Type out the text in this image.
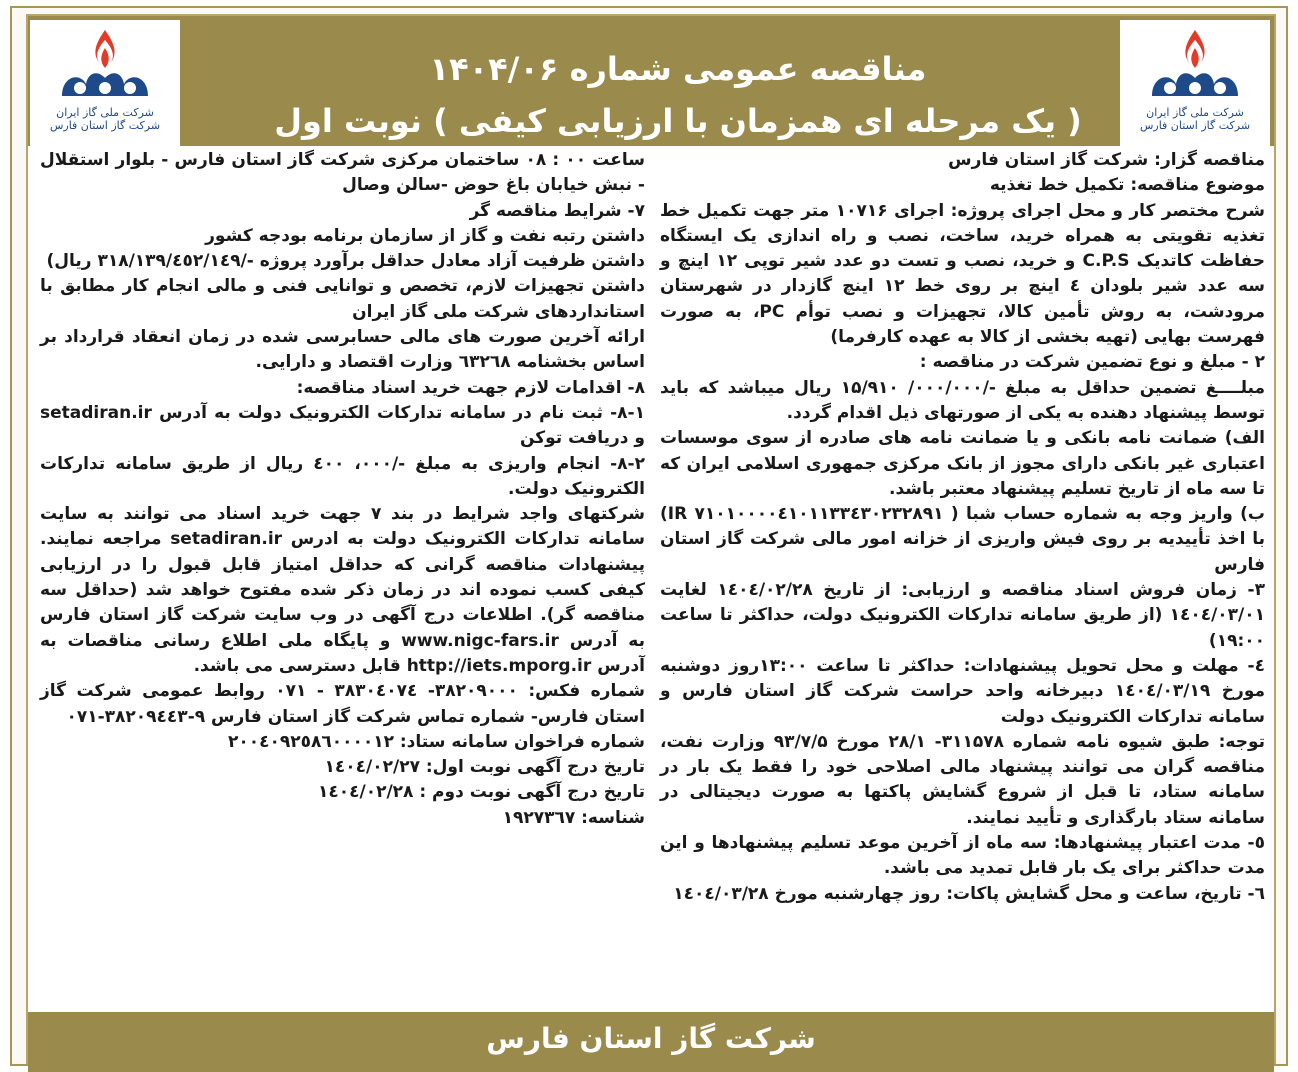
مناقصه عمومی شماره ۱۴۰۴/۰۶
( یک مرحله ای همزمان با ارزیابی کیفی ) نوبت اول
شرکت ملی گاز ایران
شرکت گاز استان فارس
شرکت ملی گاز ایران
شرکت گاز استان فارس

مناقصه گزار: شرکت گاز استان فارس

موضوع مناقصه: تکمیل خط تغذیه

شرح مختصر کار و محل اجرای پروژه: اجرای ۱۰۷۱۶ متر جهت تکمیل خط تغذیه تقویتی به همراه خرید، ساخت، نصب و راه اندازی یک ایستگاه حفاظت کاتدیک C.P.S و خرید، نصب و تست دو عدد شیر توپی ۱۲ اینچ و سه عدد شیر بلودان ٤ اینچ بر روی خط ۱۲ اینچ گازدار در شهرستان مرودشت، به روش تأمین کالا، تجهیزات و نصب توأم PC، به صورت فهرست بهایی (تهیه بخشی از کالا به عهده کارفرما)

٢ - مبلغ و نوع تضمین شرکت در مناقصه :

مبلــــغ تضمین حداقل به مبلغ -/۰۰۰/۰۰۰/ ۱۵/۹۱۰ ریال میباشد که باید توسط پیشنهاد دهنده به یکی از صورتهای ذیل اقدام گردد.

الف) ضمانت نامه بانکی و یا ضمانت نامه های صادره از سوی موسسات اعتباری غیر بانکی دارای مجوز از بانک مرکزی جمهوری اسلامی ایران که تا سه ماه از تاریخ تسلیم پیشنهاد معتبر باشد.

ب) واریز وجه به شماره حساب شبا ( IR ۷۱۰۱۰۰۰۰٤۱۰۱۱۳۳٤۳۰۲۳۲۸۹۱) با اخذ تأییدیه بر روی فیش واریزی از خزانه امور مالی شرکت گاز استان فارس

٣- زمان فروش اسناد مناقصه و ارزیابی: از تاریخ ۱٤۰٤/۰۲/۲۸ لغایت ۱٤۰٤/۰۳/۰۱ (از طریق سامانه تدارکات الکترونیک دولت، حداکثر تا ساعت ۱۹:۰۰)

٤- مهلت و محل تحویل پیشنهادات: حداکثر تا ساعت ۱۳:۰۰روز دوشنبه مورخ ۱٤۰٤/۰۳/۱۹ دبیرخانه واحد حراست شرکت گاز استان فارس و سامانه تدارکات الکترونیک دولت

توجه: طبق شیوه نامه شماره ۳۱۱۵۷۸- ۲۸/۱ مورخ ۹۳/۷/۵ وزارت نفت، مناقصه گران می توانند پیشنهاد مالی اصلاحی خود را فقط یک بار در سامانه ستاد، تا قبل از شروع گشایش پاکتها به صورت دیجیتالی در سامانه ستاد بارگذاری و تأیید نمایند.

٥- مدت اعتبار پیشنهادها: سه ماه از آخرین موعد تسلیم پیشنهادها و این مدت حداکثر برای یک بار قابل تمدید می باشد.

٦- تاریخ، ساعت و محل گشایش پاکات: روز چهارشنبه مورخ ۱٤۰٤/۰۳/۲۸

ساعت ۰۰ : ۰۸ ساختمان مرکزی شرکت گاز استان فارس - بلوار استقلال - نبش خیابان باغ حوض -سالن وصال

٧- شرایط مناقصه گر

داشتن رتبه نفت و گاز از سازمان برنامه بودجه کشور

داشتن ظرفیت آزاد معادل حداقل برآورد پروژه -/۳۱۸/۱۳۹/٤٥۲/۱٤۹ ریال)

داشتن تجهیزات لازم، تخصص و توانایی فنی و مالی انجام کار مطابق با استانداردهای شرکت ملی گاز ایران

ارائه آخرین صورت های مالی حسابرسی شده در زمان انعقاد قرارداد بر اساس بخشنامه ٦٣٢٦٨ وزارت اقتصاد و دارایی.

٨- اقدامات لازم جهت خرید اسناد مناقصه:

١-٨- ثبت نام در سامانه تدارکات الکترونیک دولت به آدرس setadiran.ir و دریافت توکن

٢-٨- انجام واریزی به مبلغ -/۰۰۰، ٤۰۰ ریال از طریق سامانه تدارکات الکترونیک دولت.

شرکتهای واجد شرایط در بند ۷ جهت خرید اسناد می توانند به سایت سامانه تدارکات الکترونیک دولت به ادرس setadiran.ir مراجعه نمایند. پیشنهادات مناقصه گرانی که حداقل امتیاز قابل قبول را در ارزیابی کیفی کسب نموده اند در زمان ذکر شده مفتوح خواهد شد (حداقل سه مناقصه گر). اطلاعات درج آگهی در وب سایت شرکت گاز استان فارس به آدرس www.nigc-fars.ir و پایگاه ملی اطلاع رسانی مناقصات به آدرس http://iets.mporg.ir قابل دسترسی می باشد.

شماره فکس: ۳۸۲۰۹۰۰۰- ۳۸۳۰٤۰۷٤ - ۰۷۱ روابط عمومی شرکت گاز استان فارس- شماره تماس شرکت گاز استان فارس ۹-۳۸۲۰۹٤٤۳-۰۷۱

شماره فراخوان سامانه ستاد: ۲۰۰٤۰۹۲٥۸٦۰۰۰۰۱۲

تاریخ درج آگهی نوبت اول: ۱٤۰٤/۰۲/۲۷

تاریخ درج آگهی نوبت دوم : ۱٤۰٤/۰۲/۲۸

شناسه: ۱۹۲۷۳٦۷

شرکت گاز استان فارس
